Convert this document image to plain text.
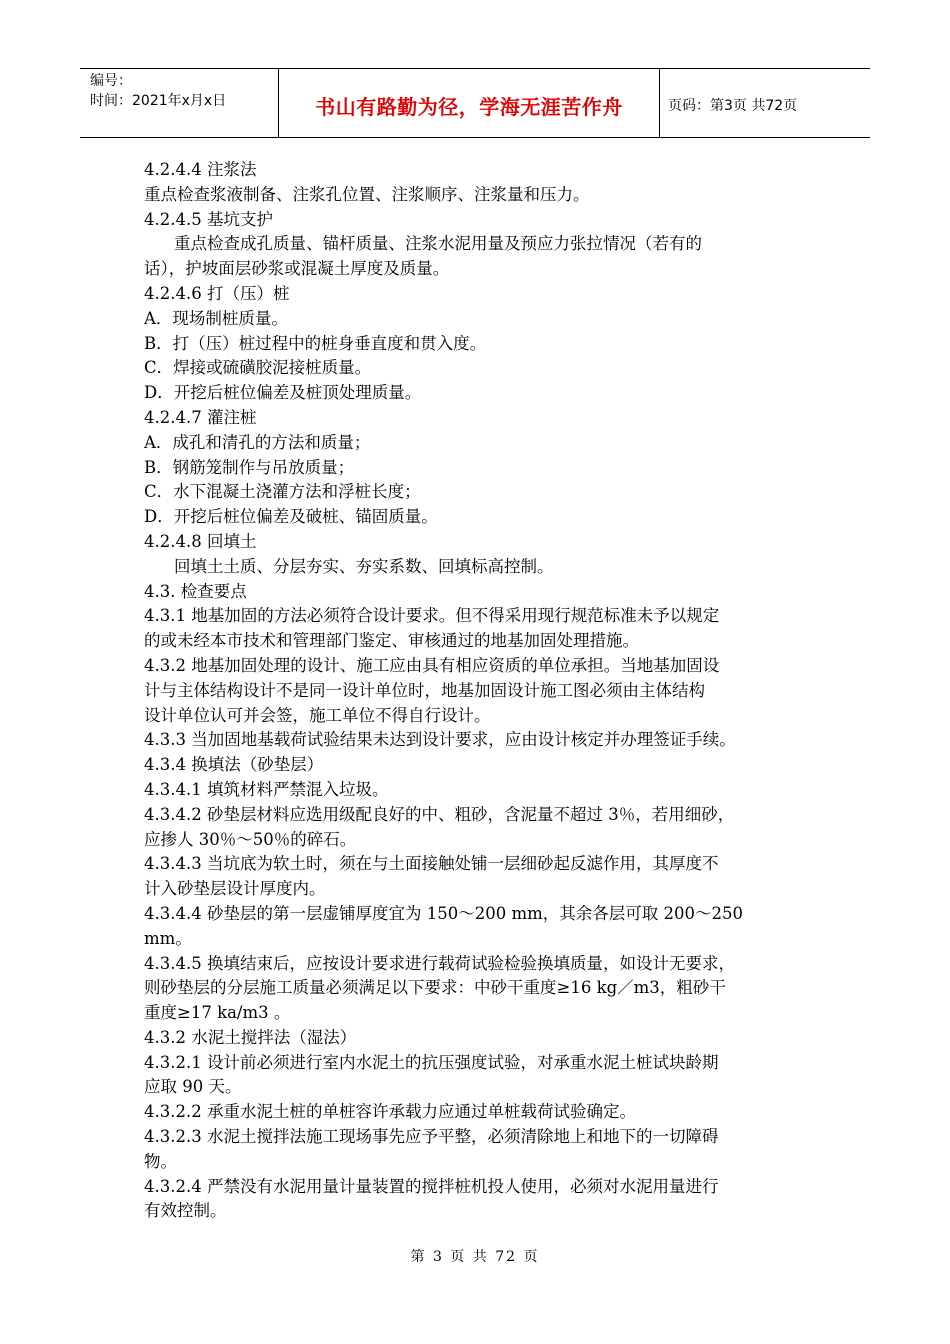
编号：
时间：2021年x月x日	书山有路勤为径，学海无涯苦作舟	页码：第3页 共72页
4.2.4.4 注浆法
重点检查浆液制备、注浆孔位置、注浆顺序、注浆量和压力。
4.2.4.5 基坑支护
重点检查成孔质量、锚杆质量、注浆水泥用量及预应力张拉情况（若有的
话），护坡面层砂浆或混凝土厚度及质量。
4.2.4.6 打（压）桩
A．现场制桩质量。
B．打（压）桩过程中的桩身垂直度和贯入度。
C．焊接或硫磺胶泥接桩质量。
D．开挖后桩位偏差及桩顶处理质量。
4.2.4.7 灌注桩
A．成孔和清孔的方法和质量；
B．钢筋笼制作与吊放质量；
C．水下混凝土浇灌方法和浮桩长度；
D．开挖后桩位偏差及破桩、锚固质量。
4.2.4.8 回填土
回填土土质、分层夯实、夯实系数、回填标高控制。
4.3. 检查要点
4.3.1 地基加固的方法必须符合设计要求。但不得采用现行规范标准未予以规定
的或未经本市技术和管理部门鉴定、审核通过的地基加固处理措施。
4.3.2 地基加固处理的设计、施工应由具有相应资质的单位承担。当地基加固设
计与主体结构设计不是同一设计单位时，地基加固设计施工图必须由主体结构
设计单位认可并会签，施工单位不得自行设计。
4.3.3 当加固地基载荷试验结果未达到设计要求，应由设计核定并办理签证手续。
4.3.4 换填法（砂垫层）
4.3.4.1 填筑材料严禁混入垃圾。
4.3.4.2 砂垫层材料应选用级配良好的中、粗砂，含泥量不超过 3％，若用细砂，
应掺人 30％～50％的碎石。
4.3.4.3 当坑底为软土时，须在与土面接触处铺一层细砂起反滤作用，其厚度不
计入砂垫层设计厚度内。
4.3.4.4 砂垫层的第一层虚铺厚度宜为 150～200 mm，其余各层可取 200～250
mm。
4.3.4.5 换填结束后，应按设计要求进行载荷试验检验换填质量，如设计无要求，
则砂垫层的分层施工质量必须满足以下要求：中砂干重度≥16 kg／m3，粗砂干
重度≥17 ka/m3 。
4.3.2 水泥土搅拌法（湿法）
4.3.2.1 设计前必须进行室内水泥土的抗压强度试验，对承重水泥土桩试块龄期
应取 90 天。
4.3.2.2 承重水泥土桩的单桩容许承载力应通过单桩载荷试验确定。
4.3.2.3 水泥土搅拌法施工现场事先应予平整，必须清除地上和地下的一切障碍
物。
4.3.2.4 严禁没有水泥用量计量装置的搅拌桩机投人使用，必须对水泥用量进行
有效控制。
第 3 页 共 72 页
